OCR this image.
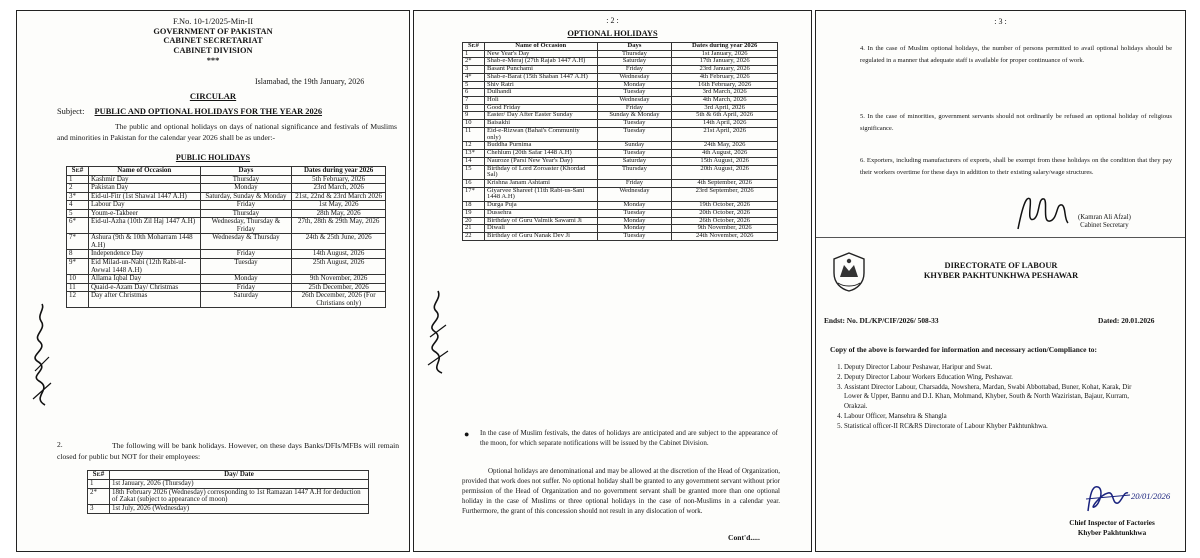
F.No. 10-1/2025-Min-II
GOVERNMENT OF PAKISTAN
CABINET SECRETARIAT
CABINET DIVISION
***
Islamabad, the 19th January, 2026
CIRCULAR
Subject: PUBLIC AND OPTIONAL HOLIDAYS FOR THE YEAR 2026
The public and optional holidays on days of national significance and festivals of Muslims and minorities in Pakistan for the calendar year 2026 shall be as under:-
PUBLIC HOLIDAYS
Sr.#	Name of Occasion	Days	Dates during year 2026
1	Kashmir Day	Thursday	5th February, 2026
2	Pakistan Day	Monday	23rd March, 2026
3*	Eid-ul-Fitr (1st Shawal 1447 A.H)	Saturday, Sunday & Monday	21st, 22nd & 23rd March 2026
4	Labour Day	Friday	1st May, 2026
5	Youm-e-Takbeer	Thursday	28th May, 2026
6*	Eid-ul-Azha (10th Zil Haj 1447 A.H)	Wednesday, Thursday & Friday	27th, 28th & 29th May, 2026
7*	Ashura (9th & 10th Moharram 1448 A.H)	Wednesday & Thursday	24th & 25th June, 2026
8	Independence Day	Friday	14th August, 2026
9*	Eid Milad-un-Nabi (12th Rabi-ul- Awwal 1448 A.H)	Tuesday	25th August, 2026
10	Allama Iqbal Day	Monday	9th November, 2026
11	Quaid-e-Azam Day/ Christmas	Friday	25th December, 2026
12	Day after Christmas	Saturday	26th December, 2026 (For Christians only)
2.	The following will be bank holidays. However, on these days Banks/DFIs/MFBs will remain closed for public but NOT for their employees:
Sr.#	Day/ Date
1	1st January, 2026 (Thursday)
2*	18th February 2026 (Wednesday) corresponding to 1st Ramazan 1447 A.H for deduction of Zakat (subject to appearance of moon)
3	1st July, 2026 (Wednesday)
: 2 :
OPTIONAL HOLIDAYS
Sr.#	Name of Occasion	Days	Dates during year 2026
1	New Year's Day	Thursday	1st January, 2026
2*	Shab-e-Meraj (27th Rajab 1447 A.H)	Saturday	17th January, 2026
3	Basant Punchami	Friday	23rd January, 2026
4*	Shab-e-Barat (15th Shaban 1447 A.H)	Wednesday	4th February, 2026
5	Shiv Ratri	Monday	16th February, 2026
6	Dulhandi	Tuesday	3rd March, 2026
7	Holi	Wednesday	4th March, 2026
8	Good Friday	Friday	3rd April, 2026
9	Easter/ Day After Easter Sunday	Sunday & Monday	5th & 6th April, 2026
10	Baisakhi	Tuesday	14th April, 2026
11	Eid-e-Rizwan (Bahai's Community only)	Tuesday	21st April, 2026
12	Buddha Purnima	Sunday	24th May, 2026
13*	Chehlum (20th Safar 1448 A.H)	Tuesday	4th August, 2026
14	Nauroze (Parsi New Year's Day)	Saturday	15th August, 2026
15	Birthday of Lord Zoroaster (Khordad Sal)	Thursday	20th August, 2026
16	Krishna Janam Ashtami	Friday	4th September, 2026
17*	Giyarvee Shareef (11th Rabi-us-Sani 1448 A.H)	Wednesday	23rd September, 2026
18	Durga Puja	Monday	19th October, 2026
19	Dussehra	Tuesday	20th October, 2026
20	Birthday of Guru Valmik Sawami Ji	Monday	26th October, 2026
21	Diwali	Monday	9th November, 2026
22	Birthday of Guru Nanak Dev Ji	Tuesday	24th November, 2026
● In the case of Muslim festivals, the dates of holidays are anticipated and are subject to the appearance of the moon, for which separate notifications will be issued by the Cabinet Division.
Optional holidays are denominational and may be allowed at the discretion of the Head of Organization, provided that work does not suffer. No optional holiday shall be granted to any government servant without prior permission of the Head of Organization and no government servant shall be granted more than one optional holiday in the case of Muslims or three optional holidays in the case of non-Muslims in a calendar year. Furthermore, the grant of this concession should not result in any dislocation of work.
Cont'd.....
: 3 :
4. In the case of Muslim optional holidays, the number of persons permitted to avail optional holidays should be regulated in a manner that adequate staff is available for proper continuance of work.
5. In the case of minorities, government servants should not ordinarily be refused an optional holiday of religious significance.
6. Exporters, including manufacturers of exports, shall be exempt from these holidays on the condition that they pay their workers overtime for these days in addition to their existing salary/wage structures.
(Kamran Ali Afzal)
Cabinet Secretary
DIRECTORATE OF LABOUR
KHYBER PAKHTUNKHWA PESHAWAR
Endst: No. DL/KP/CIF/2026/ 508-33	Dated: 20.01.2026
Copy of the above is forwarded for information and necessary action/Compliance to:
1. Deputy Director Labour Peshawar, Haripur and Swat.
2. Deputy Director Labour Workers Education Wing, Peshawar.
3. Assistant Director Labour, Charsadda, Nowshera, Mardan, Swabi Abbottabad, Buner, Kohat, Karak, Dir Lower & Upper, Bannu and D.I. Khan, Mohmand, Khyber, South & North Waziristan, Bajaur, Kurram, Orakzai.
4. Labour Officer, Mansehra & Shangla
5. Statistical officer-II RC&RS Directorate of Labour Khyber Pakhtunkhwa.
20/01/2026
Chief Inspector of Factories
Khyber Pakhtunkhwa
